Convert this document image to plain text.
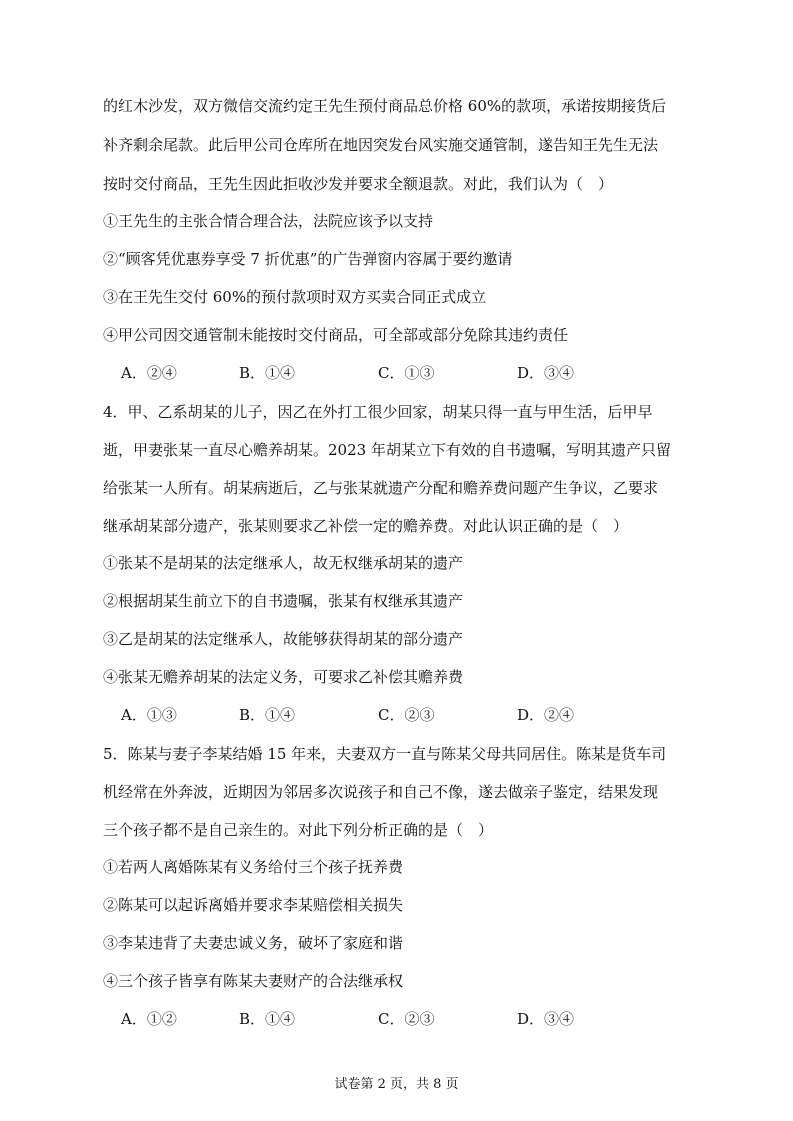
的红木沙发，双方微信交流约定王先生预付商品总价格 60%的款项，承诺按期接货后
补齐剩余尾款。此后甲公司仓库所在地因突发台风实施交通管制，遂告知王先生无法
按时交付商品，王先生因此拒收沙发并要求全额退款。对此，我们认为（　）
①王先生的主张合情合理合法，法院应该予以支持
②“顾客凭优惠券享受 7 折优惠”的广告弹窗内容属于要约邀请
③在王先生交付 60%的预付款项时双方买卖合同正式成立
④甲公司因交通管制未能按时交付商品，可全部或部分免除其违约责任
A．②④	B．①④	C．①③	D．③④
4．甲、乙系胡某的儿子，因乙在外打工很少回家，胡某只得一直与甲生活，后甲早
逝，甲妻张某一直尽心赡养胡某。2023 年胡某立下有效的自书遗嘱，写明其遗产只留
给张某一人所有。胡某病逝后，乙与张某就遗产分配和赡养费问题产生争议，乙要求
继承胡某部分遗产，张某则要求乙补偿一定的赡养费。对此认识正确的是（　）
①张某不是胡某的法定继承人，故无权继承胡某的遗产
②根据胡某生前立下的自书遗嘱，张某有权继承其遗产
③乙是胡某的法定继承人，故能够获得胡某的部分遗产
④张某无赡养胡某的法定义务，可要求乙补偿其赡养费
A．①③	B．①④	C．②③	D．②④
5．陈某与妻子李某结婚 15 年来，夫妻双方一直与陈某父母共同居住。陈某是货车司
机经常在外奔波，近期因为邻居多次说孩子和自己不像，遂去做亲子鉴定，结果发现
三个孩子都不是自己亲生的。对此下列分析正确的是（　）
①若两人离婚陈某有义务给付三个孩子抚养费
②陈某可以起诉离婚并要求李某赔偿相关损失
③李某违背了夫妻忠诚义务，破坏了家庭和谐
④三个孩子皆享有陈某夫妻财产的合法继承权
A．①②	B．①④	C．②③	D．③④
试卷第 2 页，共 8 页
